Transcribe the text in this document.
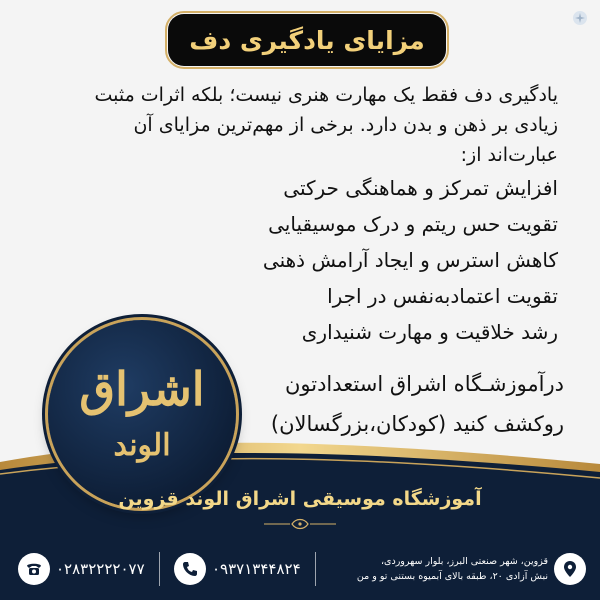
مزایای یادگیری دف

یادگیری دف فقط یک مهارت هنری نیست؛ بلکه اثرات مثبت

زیادی بر ذهن و بدن دارد. برخی از مهم‌ترین مزایای آن

عبارت‌اند از:

افزایش تمرکز و هماهنگی حرکتی

تقویت حس ریتم و درک موسیقیایی

کاهش استرس و ایجاد آرامش ذهنی

تقویت اعتمادبه‌نفس در اجرا

رشد خلاقیت و مهارت شنیداری

درآموزشـگاه اشراق استعدادتون

روکشف کنید (کودکان،بزرگسالان)

اشراق
الوند
آموزشگاه موسیقی اشراق الوند قزوین
۰۲۸۳۲۲۲۲۰۷۷	۰۹۳۷۱۳۴۴۸۲۴	قزوین، شهر صنعتی البرز، بلوار سهروردی،

نبش آزادی ۲۰، طبقه بالای آبمیوه بستنی تو و من
